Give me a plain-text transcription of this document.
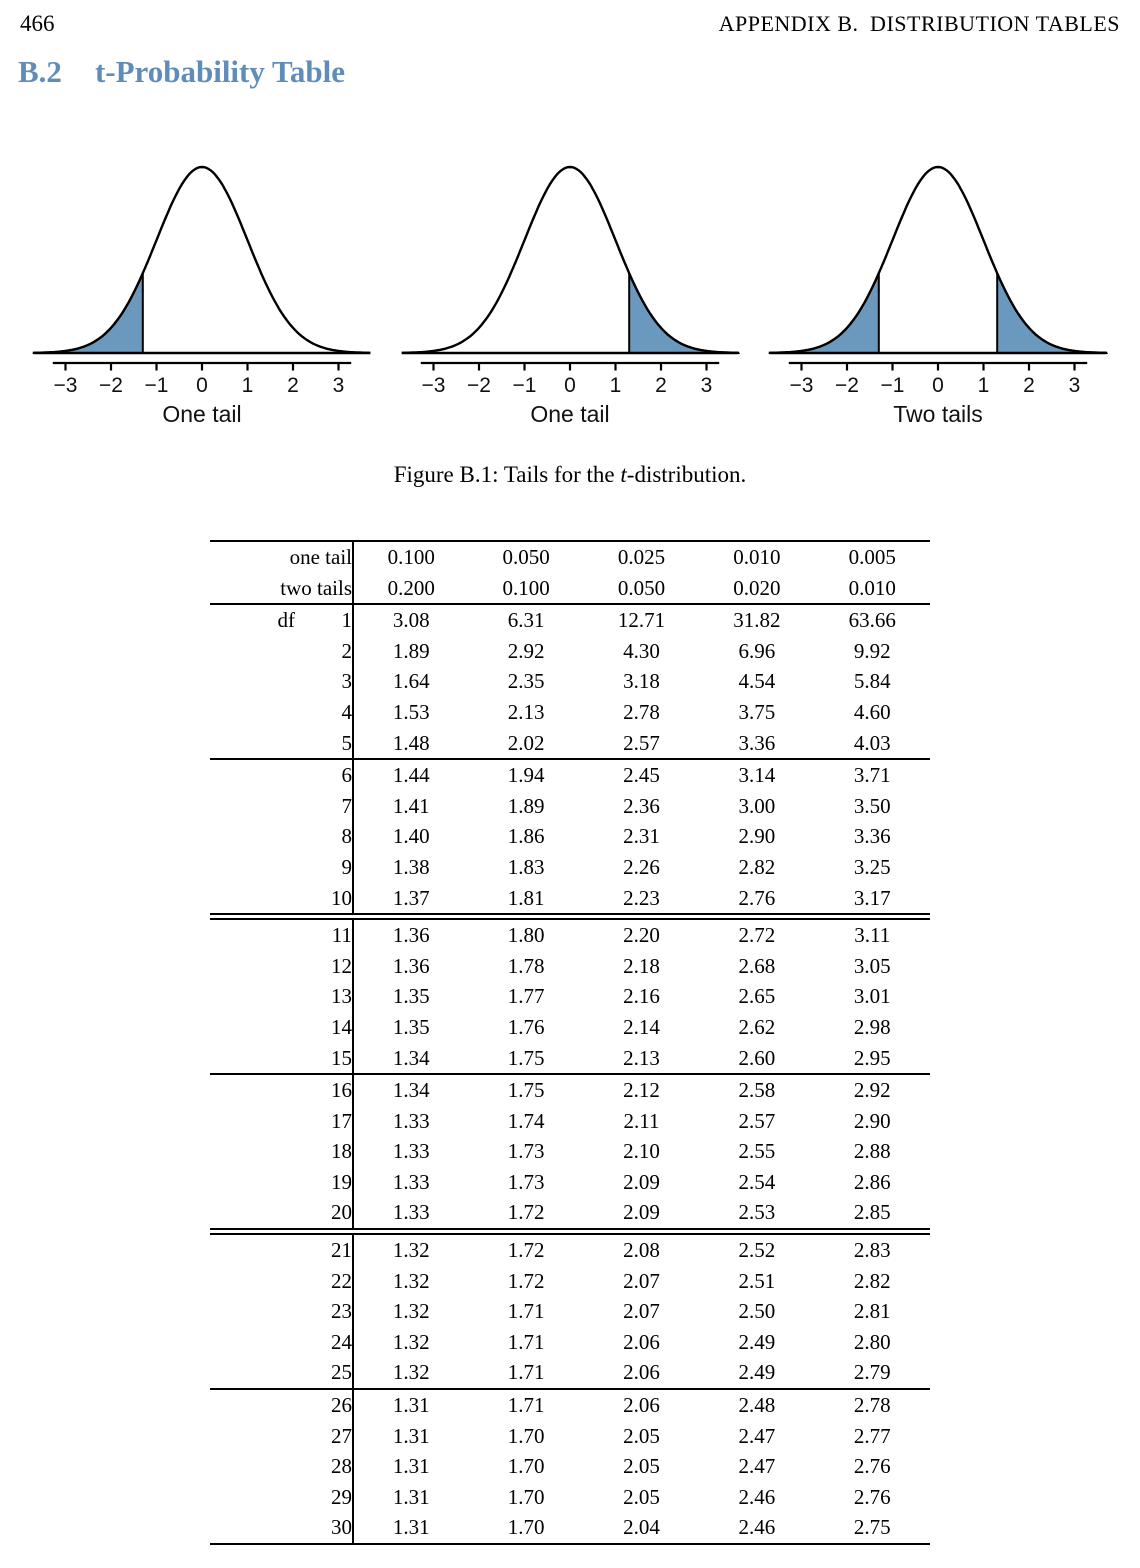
466	APPENDIX B. DISTRIBUTION TABLES
B.2 t-Probability Table
−3 −2 −1 0 1 2 3
One tail
−3 −2 −1 0 1 2 3
One tail
−3 −2 −1 0 1 2 3
Two tails
Figure B.1: Tails for the t-distribution.
one tail		0.100	0.050	0.025	0.010	0.005
two tails		0.200	0.100	0.050	0.020	0.010
df	1	3.08	6.31	12.71	31.82	63.66
	2	1.89	2.92	4.30	6.96	9.92
	3	1.64	2.35	3.18	4.54	5.84
	4	1.53	2.13	2.78	3.75	4.60
	5	1.48	2.02	2.57	3.36	4.03
	6	1.44	1.94	2.45	3.14	3.71
	7	1.41	1.89	2.36	3.00	3.50
	8	1.40	1.86	2.31	2.90	3.36
	9	1.38	1.83	2.26	2.82	3.25
	10	1.37	1.81	2.23	2.76	3.17
	11	1.36	1.80	2.20	2.72	3.11
	12	1.36	1.78	2.18	2.68	3.05
	13	1.35	1.77	2.16	2.65	3.01
	14	1.35	1.76	2.14	2.62	2.98
	15	1.34	1.75	2.13	2.60	2.95
	16	1.34	1.75	2.12	2.58	2.92
	17	1.33	1.74	2.11	2.57	2.90
	18	1.33	1.73	2.10	2.55	2.88
	19	1.33	1.73	2.09	2.54	2.86
	20	1.33	1.72	2.09	2.53	2.85
	21	1.32	1.72	2.08	2.52	2.83
	22	1.32	1.72	2.07	2.51	2.82
	23	1.32	1.71	2.07	2.50	2.81
	24	1.32	1.71	2.06	2.49	2.80
	25	1.32	1.71	2.06	2.49	2.79
	26	1.31	1.71	2.06	2.48	2.78
	27	1.31	1.70	2.05	2.47	2.77
	28	1.31	1.70	2.05	2.47	2.76
	29	1.31	1.70	2.05	2.46	2.76
	30	1.31	1.70	2.04	2.46	2.75
